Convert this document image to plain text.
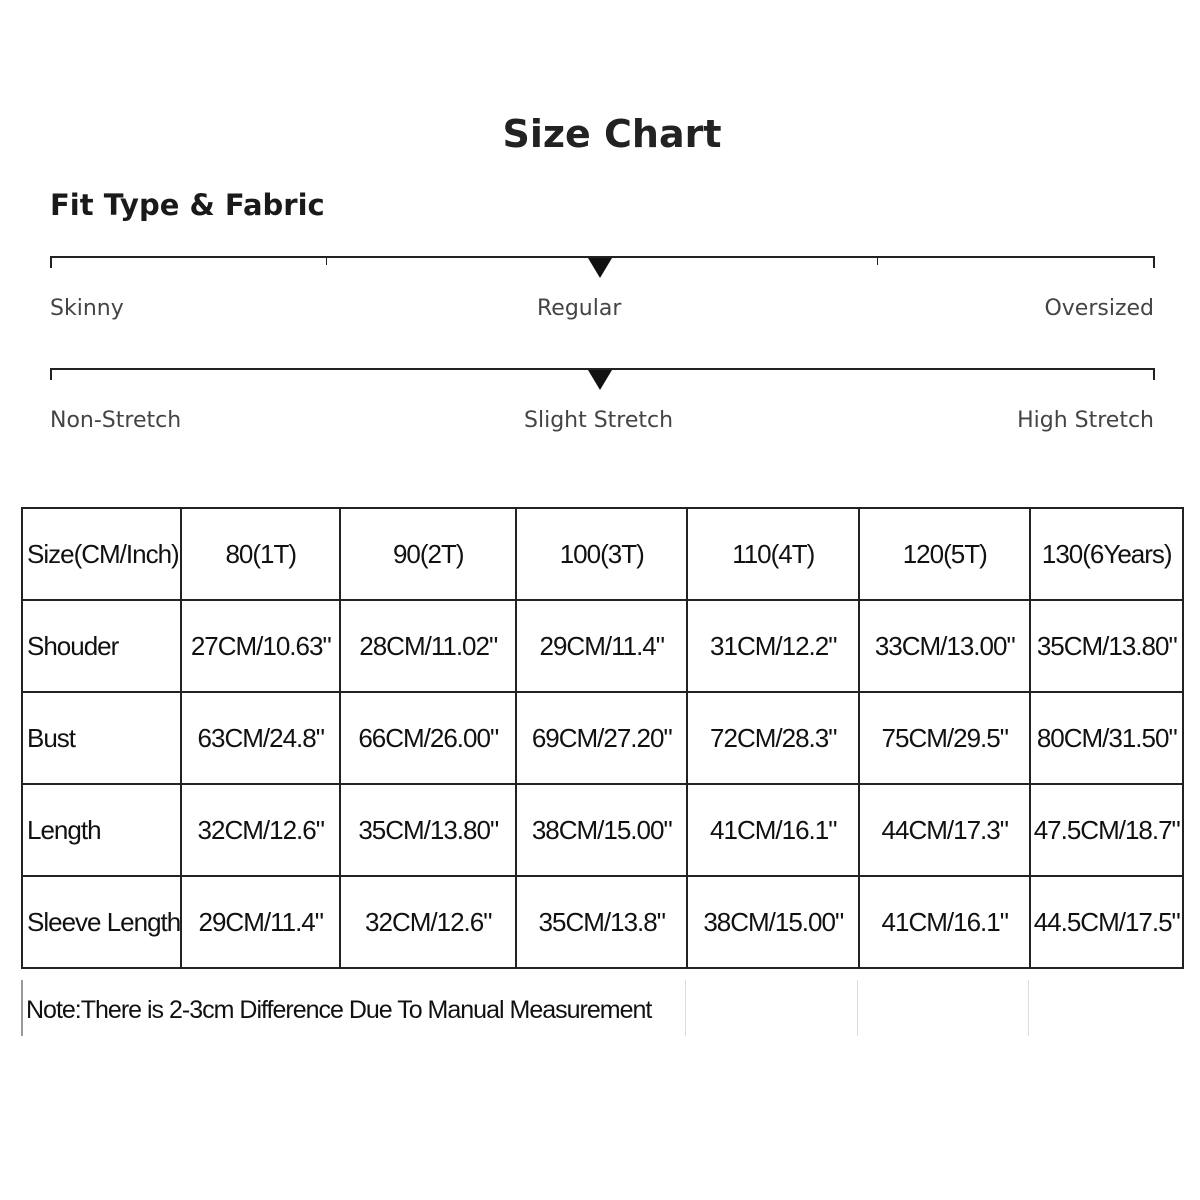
Size Chart
Fit Type & Fabric
Skinny	Regular	Oversized
Non-Stretch	Slight Stretch	High Stretch
Size(CM/Inch)	80(1T)	90(2T)	100(3T)	110(4T)	120(5T)	130(6Years)
Shouder	27CM/10.63"	28CM/11.02"	29CM/11.4"	31CM/12.2"	33CM/13.00"	35CM/13.80"
Bust	63CM/24.8"	66CM/26.00"	69CM/27.20"	72CM/28.3"	75CM/29.5"	80CM/31.50"
Length	32CM/12.6"	35CM/13.80"	38CM/15.00"	41CM/16.1"	44CM/17.3"	47.5CM/18.7"
Sleeve Length	29CM/11.4"	32CM/12.6"	35CM/13.8"	38CM/15.00"	41CM/16.1"	44.5CM/17.5"
Note:There is 2-3cm Difference Due To Manual Measurement
